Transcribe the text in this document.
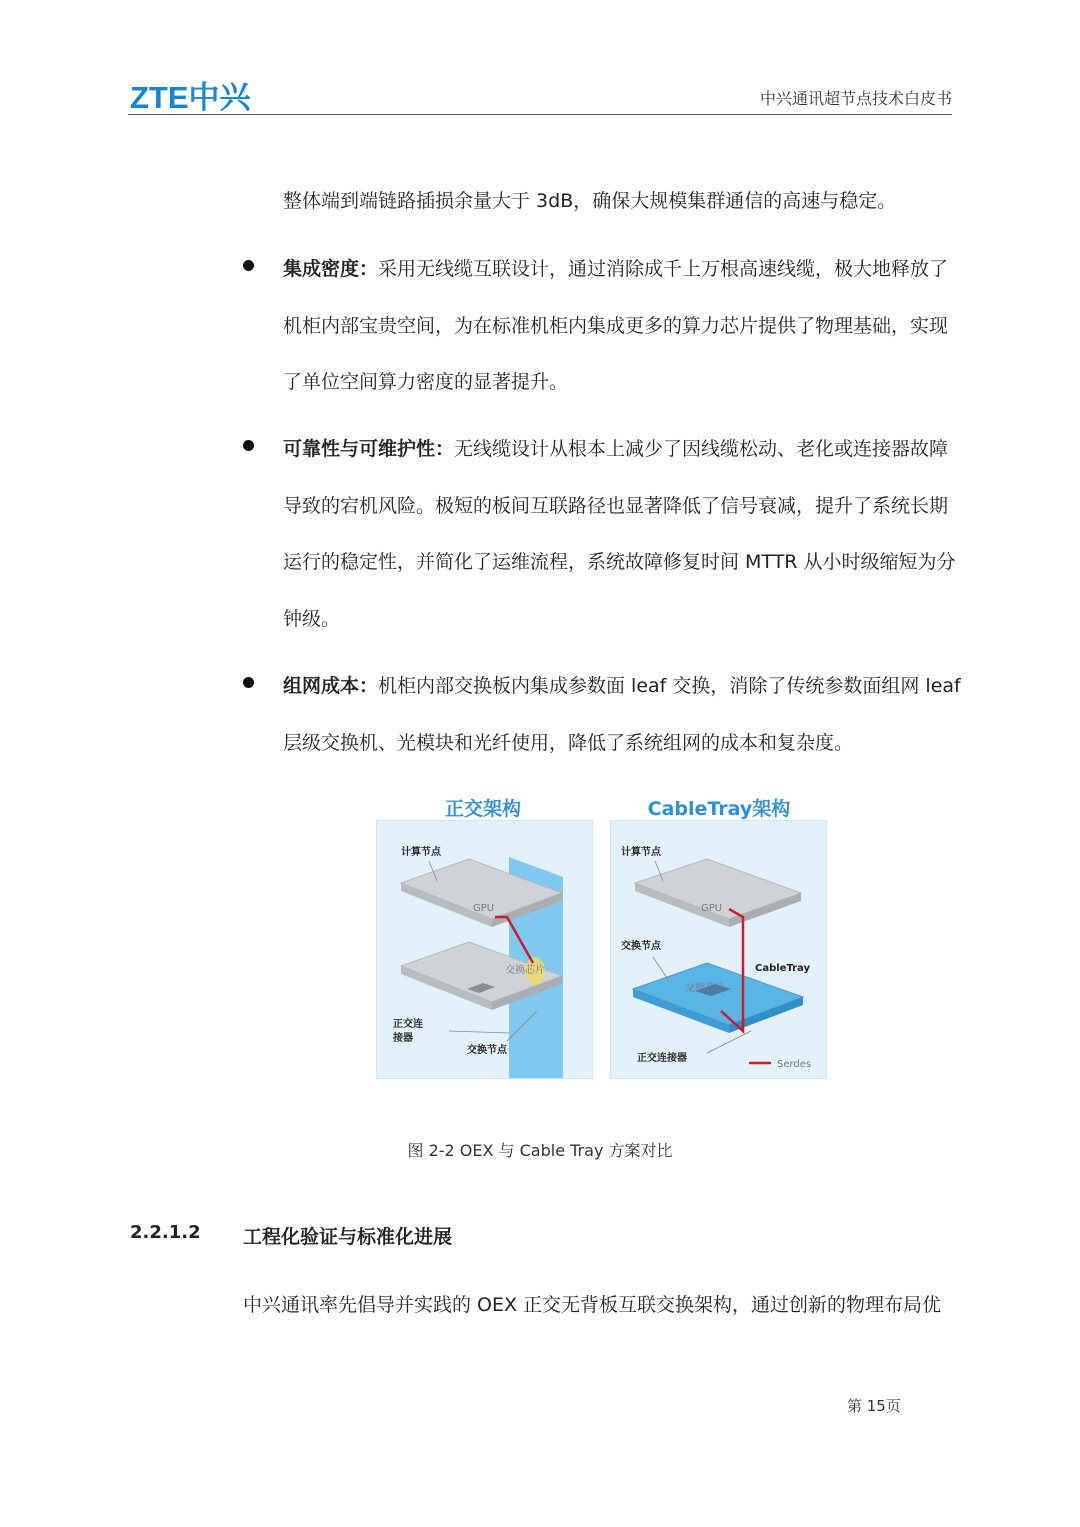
ZTE中兴	中兴通讯超节点技术白皮书
整体端到端链路插损余量大于 3dB，确保大规模集群通信的高速与稳定。
集成密度：采用无线缆互联设计，通过消除成千上万根高速线缆，极大地释放了
机柜内部宝贵空间，为在标准机柜内集成更多的算力芯片提供了物理基础，实现
了单位空间算力密度的显著提升。
可靠性与可维护性：无线缆设计从根本上减少了因线缆松动、老化或连接器故障
导致的宕机风险。极短的板间互联路径也显著降低了信号衰减，提升了系统长期
运行的稳定性，并简化了运维流程，系统故障修复时间 MTTR 从小时级缩短为分
钟级。
组网成本：机柜内部交换板内集成参数面 leaf 交换，消除了传统参数面组网 leaf
层级交换机、光模块和光纤使用，降低了系统组网的成本和复杂度。
正交架构	CableTray架构
计算节点
GPU
交换芯片
正交连
接器
交换节点
计算节点
GPU
交换节点
CableTray
交换芯片
正交连接器
Serdes
图 2-2 OEX 与 Cable Tray 方案对比
2.2.1.2 工程化验证与标准化进展
中兴通讯率先倡导并实践的 OEX 正交无背板互联交换架构，通过创新的物理布局优
第 15页
